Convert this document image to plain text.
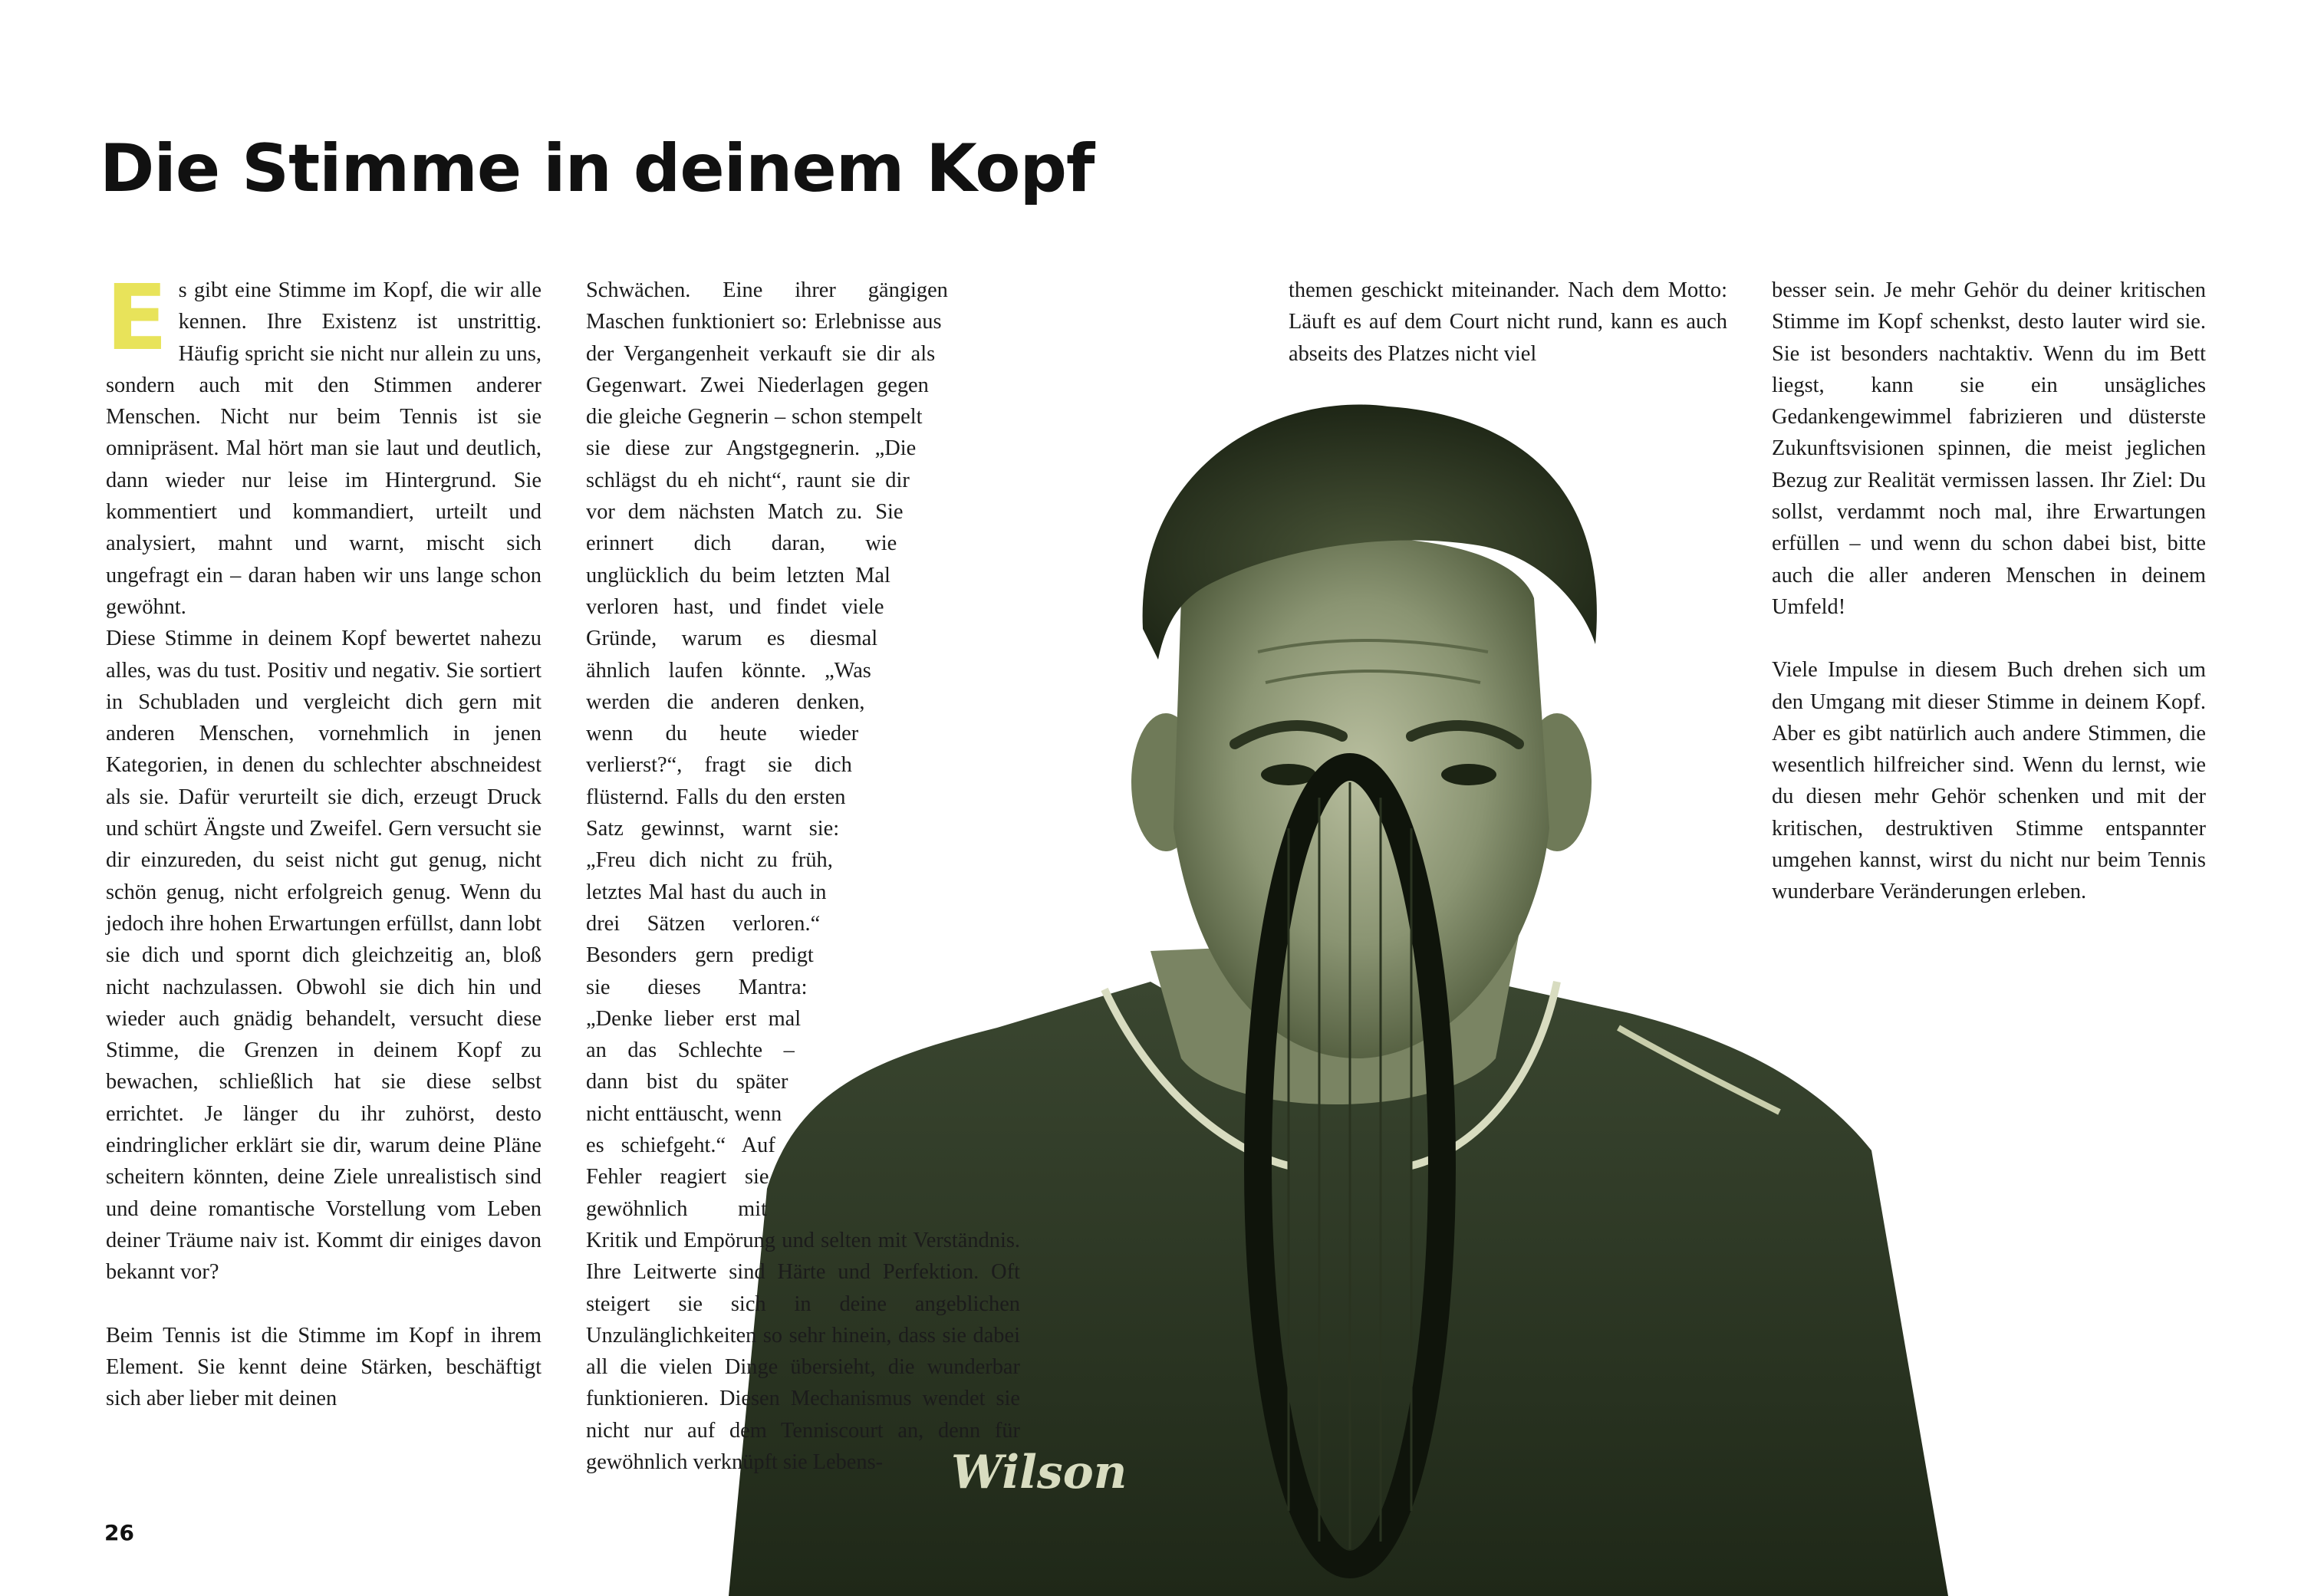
Die Stimme in deinem Kopf
Wilson
E s gibt eine Stimme im Kopf, die wir alle kennen. Ihre Existenz ist unstrittig. Häufig spricht sie nicht nur allein zu uns, sondern auch mit den Stimmen anderer Menschen. Nicht nur beim Tennis ist sie omnipräsent. Mal hört man sie laut und deutlich, dann wieder nur leise im Hintergrund. Sie kommentiert und kommandiert, urteilt und analysiert, mahnt und warnt, mischt sich ungefragt ein – daran haben wir uns lange schon gewöhnt.

Diese Stimme in deinem Kopf bewertet nahezu alles, was du tust. Positiv und negativ. Sie sortiert in Schubladen und vergleicht dich gern mit anderen Menschen, vornehmlich in jenen Kategorien, in denen du schlechter abschneidest als sie. Dafür verurteilt sie dich, erzeugt Druck und schürt Ängste und Zweifel. Gern versucht sie dir einzureden, du seist nicht gut genug, nicht schön genug, nicht erfolgreich genug. Wenn du jedoch ihre hohen Erwartungen erfüllst, dann lobt sie dich und spornt dich gleichzeitig an, bloß nicht nachzulassen. Obwohl sie dich hin und wieder auch gnädig behandelt, versucht diese Stimme, die Grenzen in deinem Kopf zu bewachen, schließlich hat sie diese selbst errichtet. Je länger du ihr zuhörst, desto eindringlicher erklärt sie dir, warum deine Pläne scheitern könnten, deine Ziele unrealistisch sind und deine romantische Vorstellung vom Leben deiner Träume naiv ist. Kommt dir einiges davon bekannt vor?

Beim Tennis ist die Stimme im Kopf in ihrem Element. Sie kennt deine Stärken, beschäftigt sich aber lieber mit deinen

Schwächen. Eine ihrer gängigen Maschen funktioniert so: Erlebnisse aus der Vergangenheit verkauft sie dir als Gegenwart. Zwei Niederlagen gegen die gleiche Gegnerin – schon stempelt sie diese zur Angstgegnerin. „Die schlägst du eh nicht“, raunt sie dir vor dem nächsten Match zu. Sie erinnert dich daran, wie unglücklich du beim letzten Mal verloren hast, und findet viele Gründe, warum es diesmal ähnlich laufen könnte. „Was werden die anderen denken, wenn du heute wieder verlierst?“, fragt sie dich flüsternd. Falls du den ersten Satz gewinnst, warnt sie: „Freu dich nicht zu früh, letztes Mal hast du auch in drei Sätzen verloren.“ Besonders gern predigt sie dieses Mantra: „Denke lieber erst mal an das Schlechte – dann bist du später nicht enttäuscht, wenn es schiefgeht.“ Auf Fehler reagiert sie gewöhnlich mit Kritik und Empörung und selten mit Verständnis. Ihre Leitwerte sind Härte und Perfektion. Oft steigert sie sich in deine angeblichen Unzulänglichkeiten so sehr hinein, dass sie dabei all die vielen Dinge übersieht, die wunderbar funktionieren. Diesen Mechanismus wendet sie nicht nur auf dem Tenniscourt an, denn für gewöhnlich verknüpft sie Lebens-

themen geschickt miteinander. Nach dem Motto: Läuft es auf dem Court nicht rund, kann es auch abseits des Platzes nicht viel

besser sein. Je mehr Gehör du deiner kritischen Stimme im Kopf schenkst, desto lauter wird sie. Sie ist besonders nachtaktiv. Wenn du im Bett liegst, kann sie ein unsägliches Gedankengewimmel fabrizieren und düsterste Zukunftsvisionen spinnen, die meist jeglichen Bezug zur Realität vermissen lassen. Ihr Ziel: Du sollst, verdammt noch mal, ihre Erwartungen erfüllen – und wenn du schon dabei bist, bitte auch die aller anderen Menschen in deinem Umfeld!

Viele Impulse in diesem Buch drehen sich um den Umgang mit dieser Stimme in deinem Kopf. Aber es gibt natürlich auch andere Stimmen, die wesentlich hilfreicher sind. Wenn du lernst, wie du diesen mehr Gehör schenken und mit der kritischen, destruktiven Stimme entspannter umgehen kannst, wirst du nicht nur beim Tennis wunderbare Veränderungen erleben.

26
